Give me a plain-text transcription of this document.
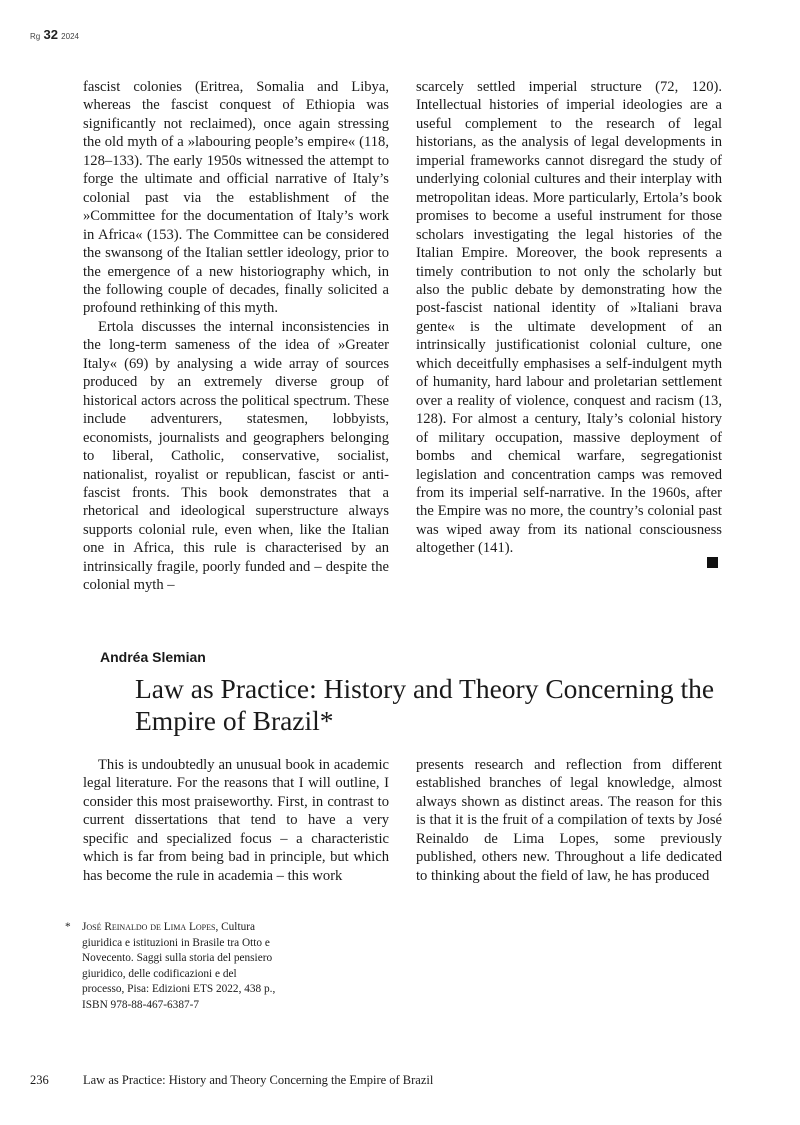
Rg 32 2024

fascist colonies (Eritrea, Somalia and Libya, whereas the fascist conquest of Ethiopia was significantly not reclaimed), once again stressing the old myth of a »labouring people’s empire« (118, 128–133). The early 1950s witnessed the attempt to forge the ultimate and official narrative of Italy’s colonial past via the establishment of the »Committee for the documentation of Italy’s work in Africa« (153). The Committee can be considered the swansong of the Italian settler ideology, prior to the emergence of a new historiography which, in the following couple of decades, finally solicited a profound rethinking of this myth.

Ertola discusses the internal inconsistencies in the long-term sameness of the idea of »Greater Italy« (69) by analysing a wide array of sources produced by an extremely diverse group of historical actors across the political spectrum. These include adventurers, statesmen, lobbyists, economists, journalists and geographers belonging to liberal, Catholic, conservative, socialist, nationalist, royalist or republican, fascist or anti-fascist fronts. This book demonstrates that a rhetorical and ideological superstructure always supports colonial rule, even when, like the Italian one in Africa, this rule is characterised by an intrinsically fragile, poorly funded and – despite the colonial myth –

scarcely settled imperial structure (72, 120). Intellectual histories of imperial ideologies are a useful complement to the research of legal historians, as the analysis of legal developments in imperial frameworks cannot disregard the study of underlying colonial cultures and their interplay with metropolitan ideas. More particularly, Ertola’s book promises to become a useful instrument for those scholars investigating the legal histories of the Italian Empire. Moreover, the book represents a timely contribution to not only the scholarly but also the public debate by demonstrating how the post-fascist national identity of »Italiani brava gente« is the ultimate development of an intrinsically justificationist colonial culture, one which deceitfully emphasises a self-indulgent myth of humanity, hard labour and proletarian settlement over a reality of violence, conquest and racism (13, 128). For almost a century, Italy’s colonial history of military occupation, massive deployment of bombs and chemical warfare, segregationist legislation and concentration camps was removed from its imperial self-narrative. In the 1960s, after the Empire was no more, the country’s colonial past was wiped away from its national consciousness altogether (141).

Andréa Slemian
Law as Practice: History and Theory Concerning the Empire of Brazil*

This is undoubtedly an unusual book in academic legal literature. For the reasons that I will outline, I consider this most praiseworthy. First, in contrast to current dissertations that tend to have a very specific and specialized focus – a characteristic which is far from being bad in principle, but which has become the rule in academia – this work

presents research and reflection from different established branches of legal knowledge, almost always shown as distinct areas. The reason for this is that it is the fruit of a compilation of texts by José Reinaldo de Lima Lopes, some previously published, others new. Throughout a life dedicated to thinking about the field of law, he has produced

* José Reinaldo de Lima Lopes, Cultura giuridica e istituzioni in Brasile tra Otto e Novecento. Saggi sulla storia del pensiero giuridico, delle codificazioni e del processo, Pisa: Edizioni ETS 2022, 438 p., ISBN 978-88-467-6387-7
236	Law as Practice: History and Theory Concerning the Empire of Brazil
